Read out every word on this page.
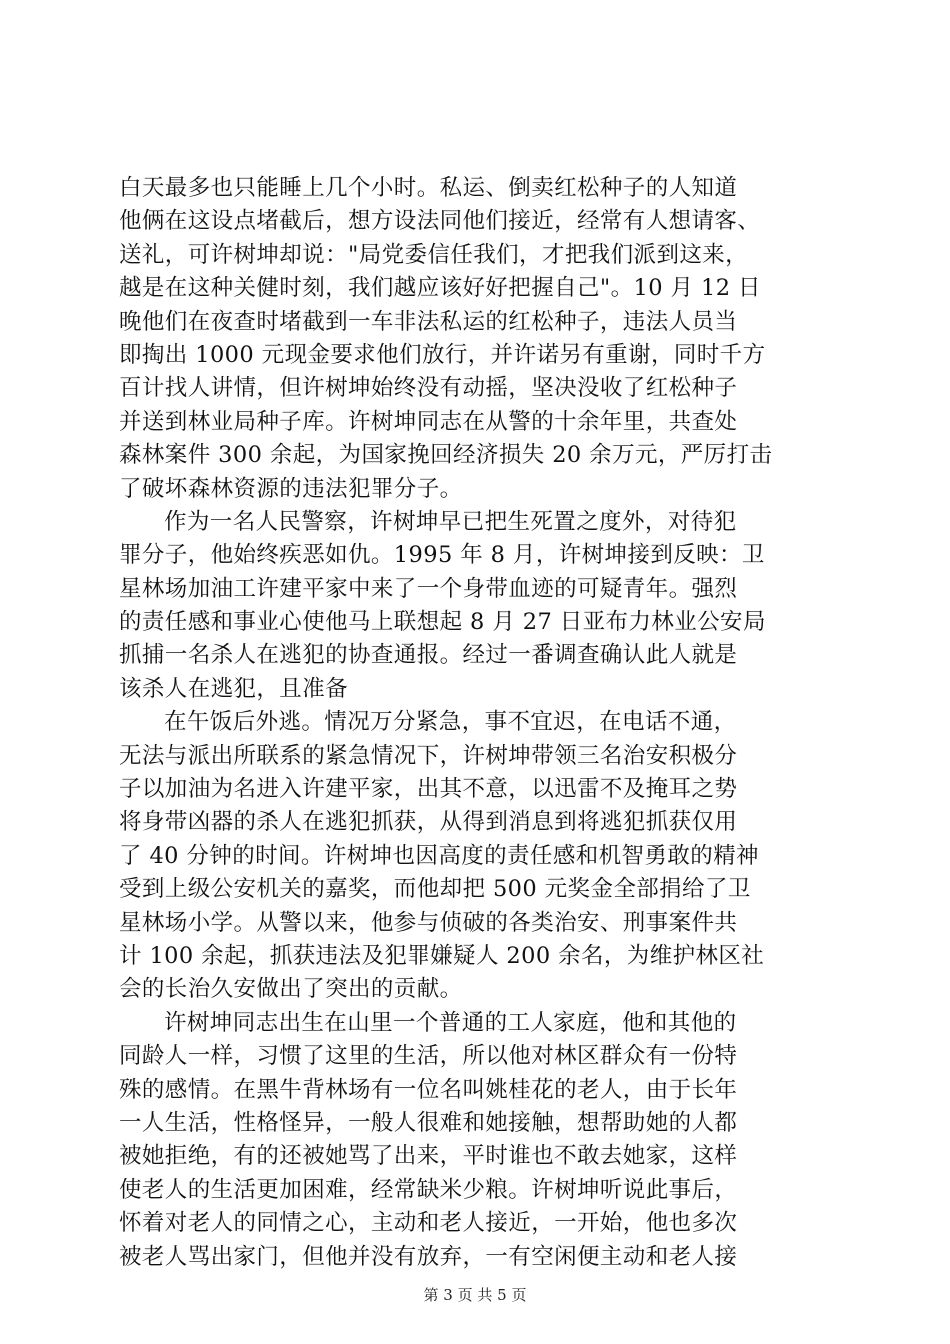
白天最多也只能睡上几个小时。私运、倒卖红松种子的人知道
他俩在这设点堵截后，想方设法同他们接近，经常有人想请客、
送礼，可许树坤却说："局党委信任我们，才把我们派到这来，
越是在这种关健时刻，我们越应该好好把握自己"。10 月 12 日
晚他们在夜查时堵截到一车非法私运的红松种子，违法人员当
即掏出 1000 元现金要求他们放行，并许诺另有重谢，同时千方
百计找人讲情，但许树坤始终没有动摇，坚决没收了红松种子
并送到林业局种子库。许树坤同志在从警的十余年里，共查处
森林案件 300 余起，为国家挽回经济损失 20 余万元，严厉打击
了破坏森林资源的违法犯罪分子。
作为一名人民警察，许树坤早已把生死置之度外，对待犯
罪分子，他始终疾恶如仇。1995 年 8 月，许树坤接到反映：卫
星林场加油工许建平家中来了一个身带血迹的可疑青年。强烈
的责任感和事业心使他马上联想起 8 月 27 日亚布力林业公安局
抓捕一名杀人在逃犯的协查通报。经过一番调查确认此人就是
该杀人在逃犯，且准备
在午饭后外逃。情况万分紧急，事不宜迟，在电话不通，
无法与派出所联系的紧急情况下，许树坤带领三名治安积极分
子以加油为名进入许建平家，出其不意，以迅雷不及掩耳之势
将身带凶器的杀人在逃犯抓获，从得到消息到将逃犯抓获仅用
了 40 分钟的时间。许树坤也因高度的责任感和机智勇敢的精神
受到上级公安机关的嘉奖，而他却把 500 元奖金全部捐给了卫
星林场小学。从警以来，他参与侦破的各类治安、刑事案件共
计 100 余起，抓获违法及犯罪嫌疑人 200 余名，为维护林区社
会的长治久安做出了突出的贡献。
许树坤同志出生在山里一个普通的工人家庭，他和其他的
同龄人一样，习惯了这里的生活，所以他对林区群众有一份特
殊的感情。在黑牛背林场有一位名叫姚桂花的老人，由于长年
一人生活，性格怪异，一般人很难和她接触，想帮助她的人都
被她拒绝，有的还被她骂了出来，平时谁也不敢去她家，这样
使老人的生活更加困难，经常缺米少粮。许树坤听说此事后，
怀着对老人的同情之心，主动和老人接近，一开始，他也多次
被老人骂出家门，但他并没有放弃，一有空闲便主动和老人接
第 3 页 共 5 页
